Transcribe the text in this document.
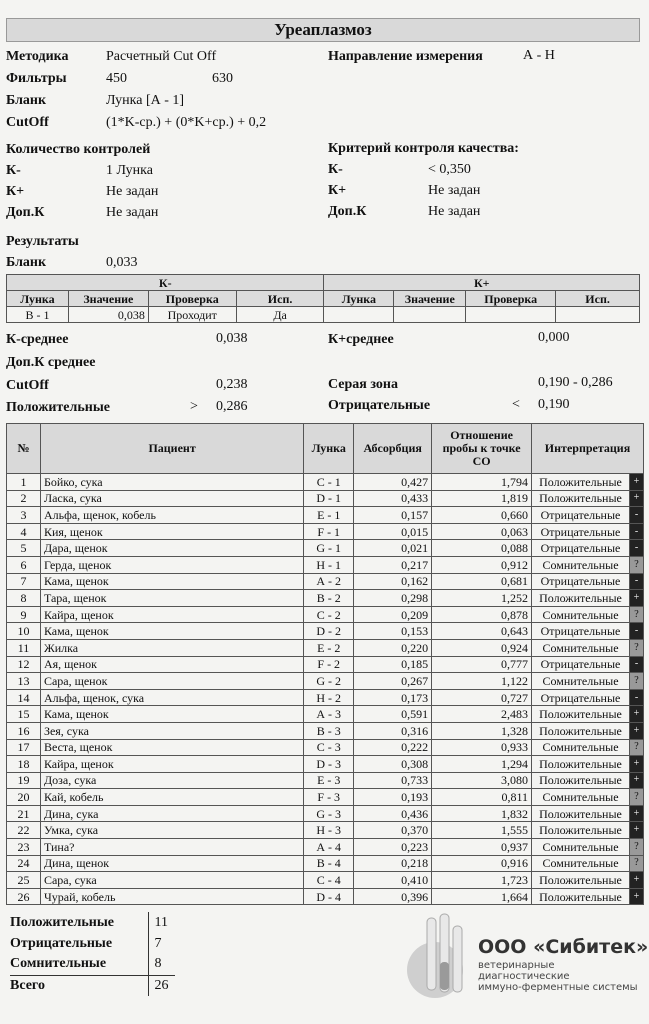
Уреаплазмоз
Методика	Расчетный Cut Off
Фильтры	450	630
Бланк	Лунка [А - 1]
CutOff	(1*K-ср.) + (0*K+ср.) + 0,2
Направление измерения	А - H
Количество контролей
К-	1 Лунка
К+	Не задан
Доп.К	Не задан
Критерий контроля качества:
К-	< 0,350
К+	Не задан
Доп.К	Не задан
Результаты
Бланк	0,033
К-				К+			
Лунка	Значение	Проверка	Исп.	Лунка	Значение	Проверка	Исп.
В - 1	0,038	Проходит	Да				
К-среднее	0,038	К+среднее	0,000
Доп.К среднее
CutOff	0,238	Серая зона	0,190 - 0,286
Положительные	> 0,286	Отрицательные	< 0,190
№	Пациент	Лунка	Абсорбция	Отношение пробы к точке СО	Интерпретация	
1	Бойко, сука	С - 1	0,427	1,794	Положительные	+
2	Ласка, сука	D - 1	0,433	1,819	Положительные	+
3	Альфа, щенок, кобель	Е - 1	0,157	0,660	Отрицательные	-
4	Кия, щенок	F - 1	0,015	0,063	Отрицательные	-
5	Дара, щенок	G - 1	0,021	0,088	Отрицательные	-
6	Герда, щенок	Н - 1	0,217	0,912	Сомнительные	?
7	Кама, щенок	А - 2	0,162	0,681	Отрицательные	-
8	Тара, щенок	В - 2	0,298	1,252	Положительные	+
9	Кайра, щенок	С - 2	0,209	0,878	Сомнительные	?
10	Кама, щенок	D - 2	0,153	0,643	Отрицательные	-
11	Жилка	Е - 2	0,220	0,924	Сомнительные	?
12	Ая, щенок	F - 2	0,185	0,777	Отрицательные	-
13	Сара, щенок	G - 2	0,267	1,122	Сомнительные	?
14	Альфа, щенок, сука	Н - 2	0,173	0,727	Отрицательные	-
15	Кама, щенок	А - 3	0,591	2,483	Положительные	+
16	Зея, сука	В - 3	0,316	1,328	Положительные	+
17	Веста, щенок	С - 3	0,222	0,933	Сомнительные	?
18	Кайра, щенок	D - 3	0,308	1,294	Положительные	+
19	Доза, сука	Е - 3	0,733	3,080	Положительные	+
20	Кай, кобель	F - 3	0,193	0,811	Сомнительные	?
21	Дина, сука	G - 3	0,436	1,832	Положительные	+
22	Умка, сука	Н - 3	0,370	1,555	Положительные	+
23	Тина?	А - 4	0,223	0,937	Сомнительные	?
24	Дина, щенок	В - 4	0,218	0,916	Сомнительные	?
25	Сара, сука	С - 4	0,410	1,723	Положительные	+
26	Чурай, кобель	D - 4	0,396	1,664	Положительные	+
Положительные	11
Отрицательные	7
Сомнительные	8
Всего	26
ООО «Сибитек»
ветеринарные диагностические
иммуно-ферментные системы
